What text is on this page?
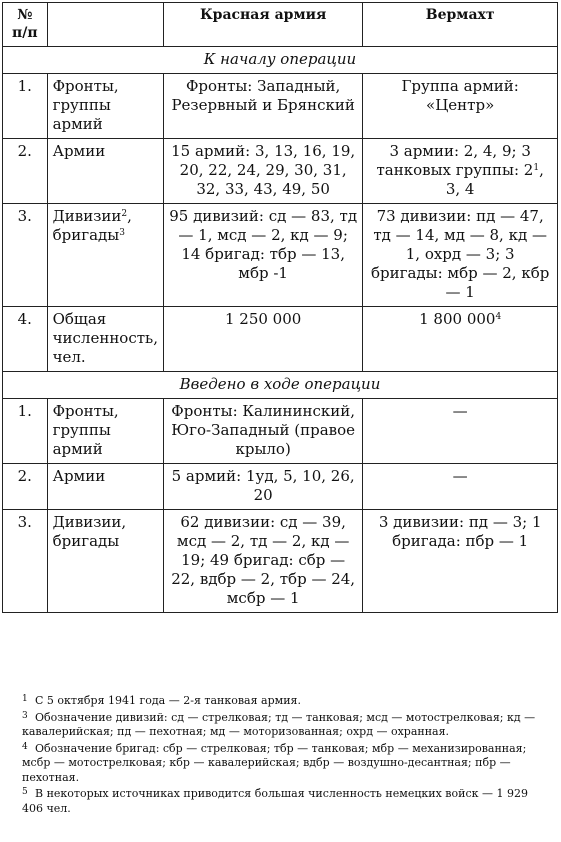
№ п/п		Красная армия	Вермахт
К началу операции			
1.	Фронты, группы армий	Фронты: Западный, Резервный и Брянский	Группа армий: «Центр»
2.	Армии	15 армий: 3, 13, 16, 19, 20, 22, 24, 29, 30, 31, 32, 33, 43, 49, 50	3 армии: 2, 4, 9; 3 танковых группы: $2^1$, 3, 4
3.	Дивизии$^2$, бригады$^3$	95 дивизий: сд — 83, тд — 1, мсд — 2, кд — 9; 14 бригад: тбр — 13, мбр -1	73 дивизии: пд — 47, тд — 14, мд — 8, кд — 1, охрд — 3; 3 бригады: мбр — 2, кбр — 1
4.	Общая численность, чел.	1 250 000	1 800 $000^4$
Введено в ходе операции			
1.	Фронты, группы армий	Фронты: Калининский, Юго-Западный (правое крыло)	—
2.	Армии	5 армий: 1уд, 5, 10, 26, 20	—
3.	Дивизии, бригады	62 дивизии: сд — 39, мсд — 2, тд — 2, кд — 19; 49 бригад: сбр — 22, вдбр — 2, тбр — 24, мсбр — 1	3 дивизии: пд — 3; 1 бригада: пбр — 1

1 С 5 октября 1941 года — 2-я танковая армия.

3 Обозначение дивизий: сд — стрелковая; тд — танковая; мсд — мотострелковая; кд — кавалерийская; пд — пехотная; мд — моторизованная; охрд — охранная.

4 Обозначение бригад: сбр — стрелковая; тбр — танковая; мбр — механизированная; мсбр — мотострелковая; кбр — кавалерийская; вдбр — воздушно-десантная; пбр — пехотная.

5 В некоторых источниках приводится большая численность немецких войск — 1 929 406 чел.
